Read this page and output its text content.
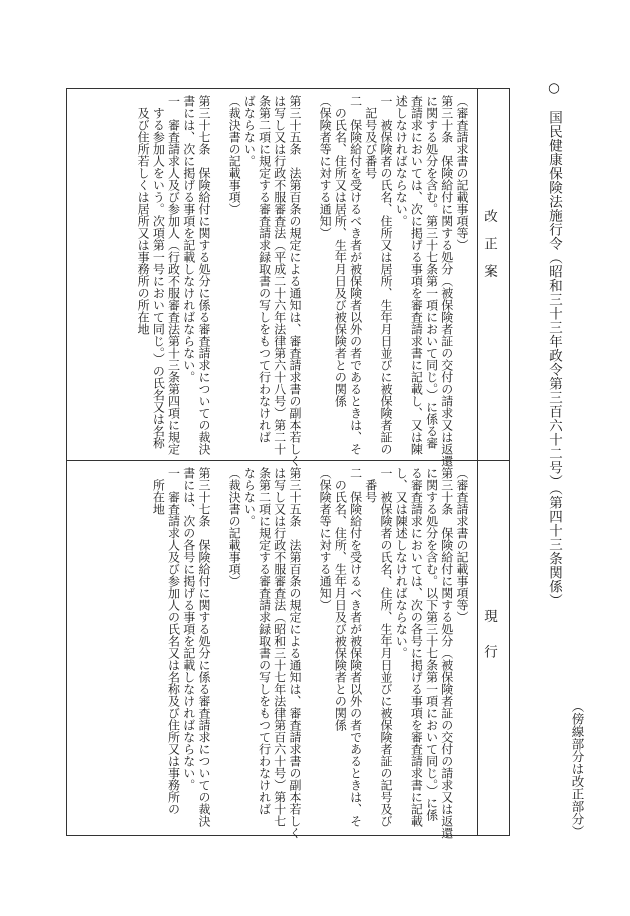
○　国民健康保険法施行令（昭和三十三年政令第三百六十二号）（第四十三条関係）
（傍線部分は改正部分）
改正案
現行

（審査請求書の記載事項等）

第三十条　保険給付に関する処分（被保険者証の交付の請求又は返還
に関する処分を含む。第三十七条第一項において同じ。）に係る審
査請求においては、次に掲げる事項を審査請求書に記載し、又は陳
述しなければならない。

一　被保険者の氏名、住所又は居所、生年月日並びに被保険者証の
　記号及び番号

二　保険給付を受けるべき者が被保険者以外の者であるときは、そ
　の氏名、住所又は居所、生年月日及び被保険者との関係

（保険者等に対する通知）

第三十五条　法第百条の規定による通知は、審査請求書の副本若しく
は写し又は行政不服審査法（平成二十六年法律第六十八号）第二十
条第二項に規定する審査請求録取書の写しをもつて行わなければ
ばならない。

（裁決書の記載事項）

第三十七条　保険給付に関する処分に係る審査請求についての裁決
書には、次に掲げる事項を記載しなければならない。

一　審査請求人及び参加人（行政不服審査法第十三条第四項に規定
　する参加人をいう。次項第一号において同じ。）の氏名又は名称
　及び住所若しくは居所又は事務所の所在地

（審査請求書の記載事項等）

第三十条　保険給付に関する処分（被保険者証の交付の請求又は返還
に関する処分を含む。以下第三十七条第一項において同じ。）に係
る審査請求においては、次の各号に掲げる事項を審査請求書に記載
し、又は陳述しなければならない。

一　被保険者の氏名、住所、生年月日並びに被保険者証の記号及び
　番号

二　保険給付を受けるべき者が被保険者以外の者であるときは、そ
　の氏名、住所、生年月日及び被保険者との関係

（保険者等に対する通知）

第三十五条　法第百条の規定による通知は、審査請求書の副本若しく
は写し又は行政不服審査法（昭和三十七年法律第百六十号）第十七
条第二項に規定する審査請求録取書の写しをもつて行わなければ
ならない。

（裁決書の記載事項）

第三十七条　保険給付に関する処分に係る審査請求についての裁決
書には、次の各号に掲げる事項を記載しなければならない。

一　審査請求人及び参加人の氏名又は名称及び住所又は事務所の
　所在地
